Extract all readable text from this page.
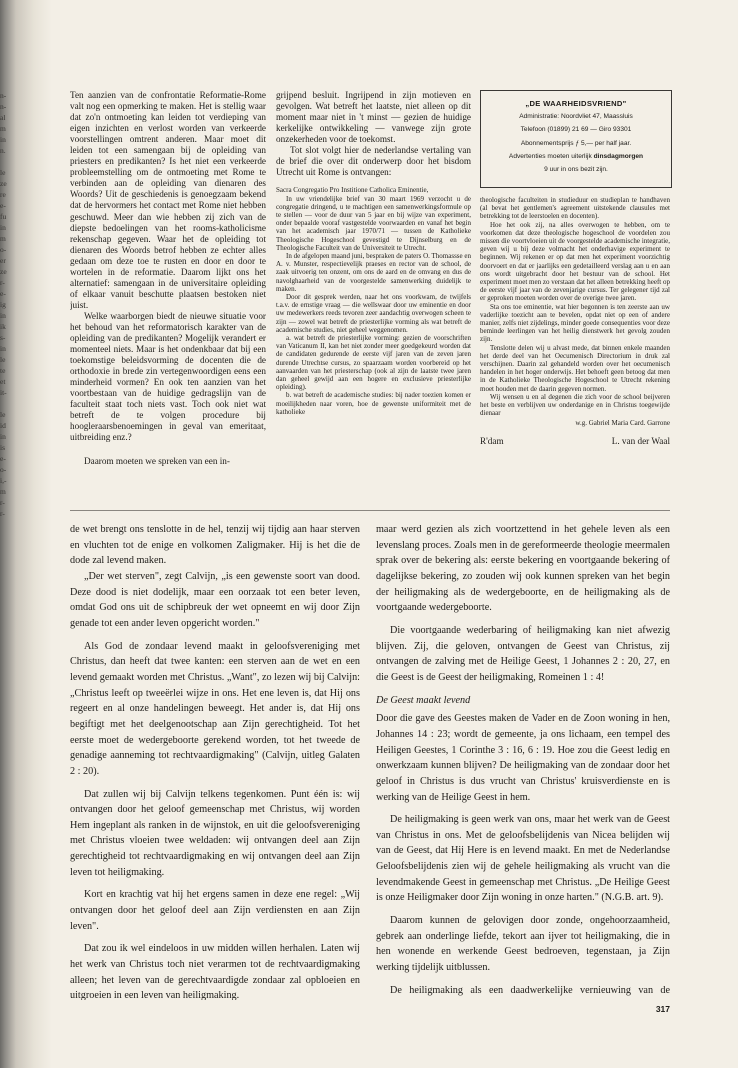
n-
n-
al
m
in
n.
le
ze
re
e-
fu
in
m
o-
er
ze
r-
e-
ig
in
ik
s-
in
le
te
et
it-
le
id
in
is
e-
o-
i,-
m
r-
r-

Ten aanzien van de confrontatie Reformatie-Rome valt nog een opmerking te maken. Het is stellig waar dat zo'n ontmoeting kan leiden tot verdieping van eigen inzichten en verlost worden van verkeerde voorstellingen omtrent anderen. Maar moet dit leiden tot een samengaan bij de opleiding van priesters en predikanten? Is het niet een verkeerde probleemstelling om de ontmoeting met Rome te verbinden aan de opleiding van dienaren des Woords? Uit de geschiedenis is genoegzaam bekend dat de hervormers het contact met Rome niet hebben geschuwd. Meer dan wie hebben zij zich van de diepste bedoelingen van het rooms-katholicisme rekenschap gegeven. Waar het de opleiding tot dienaren des Woords betrof hebben ze echter alles gedaan om deze toe te rusten en door en door te wortelen in de reformatie. Daarom lijkt ons het alternatief: samengaan in de universitaire opleiding of elkaar vanuit beschutte plaatsen bestoken niet juist.

Welke waarborgen biedt de nieuwe situatie voor het behoud van het reformatorisch karakter van de opleiding van de predikanten? Mogelijk verandert er momenteel niets. Maar is het ondenkbaar dat bij een toekomstige beleidsvorming de docenten die de orthodoxie in brede zin vertegenwoordigen eens een minderheid vormen? En ook ten aanzien van het voortbestaan van de huidige gedragslijn van de faculteit staat toch niets vast. Toch ook niet wat betreft de te volgen procedure bij hoogleraarsbenoemingen in geval van emeritaat, uitbreiding enz.?

Daarom moeten we spreken van een in-

grijpend besluit. Ingrijpend in zijn motieven en gevolgen. Wat betreft het laatste, niet alleen op dit moment maar niet in 't minst — gezien de huidige kerkelijke ontwikkeling — vanwege zijn grote onzekerheden voor de toekomst.

Tot slot volgt hier de nederlandse vertaling van de brief die over dit onderwerp door het bisdom Utrecht uit Rome is ontvangen:

Sacra Congregatio Pro Institione Catholica Eminentie,

In uw vriendelijke brief van 30 maart 1969 verzocht u de congregatie dringend, u te machtigen een samenwerkingsformule op te stellen — voor de duur van 5 jaar en bij wijze van experiment, onder bepaalde vooraf vastgestelde voorwaarden en vanaf het begin van het academisch jaar 1970/71 — tussen de Katholieke Theologische Hogeschool gevestigd te Dijnselburg en de Theologische Faculteit van de Universiteit te Utrecht.

In de afgelopen maand juni, bespraken de paters O. Thomassse en A. v. Munster, respectievelijk praeses en rector van de school, de zaak uitvoerig ten onzent, om ons de aard en de omvang en dus de navolghaarheid van de voorgestelde samenwerking duidelijk te maken.

Door dit gesprek werden, naar het ons voorkwam, de twijfels t.a.v. de ernstige vraag — die wellswaar door uw eminentie en door uw medewerkers reeds tevoren zeer aandachtig overwogen scheen te zijn — zowel wat betreft de priesterlijke vorming als wat betreft de academische studies, niet geheel weggenomen.

a. wat betreft de priesterlijke vorming: gezien de voorschriften van Vaticanum II, kan het niet zonder meer goedgekeurd worden dat de candidaten gedurende de eerste vijf jaren van de zeven jaren durende Utrechtse cursus, zo spaarzaam worden voorbereid op het aanvaarden van het priesterschap (ook al zijn de laatste twee jaren dan geheel gewijd aan een hogere en exclusieve priesterlijke opleiding).

b. wat betreft de academische studies: bij nader toezien komen er moeilijkheden naar voren, hoe de gewenste uniformiteit met de katholieke

„DE WAARHEIDSVRIEND"
Administratie: Noordvliet 47, Maassluis
Telefoon (01899) 21 69 — Giro 93301
Abonnementsprijs ƒ 5,— per half jaar.
Advertenties moeten uiterlijk dinsdagmorgen
9 uur in ons bezit zijn.

theologische faculteiten in studieduur en studieplan te handhaven (al bevat het gentlemen's agreement uitstekende clausules met betrekking tot de leerstoelen en docenten).

Hoe het ook zij, na alles overwogen te hebben, om te voorkomen dat deze theologische hogeschool de voordelen zou missen die voortvloeien uit de voorgestelde academische integratie, geven wij u bij deze volmacht het onderhavige experiment te beginnen. Wij rekenen er op dat men het experiment voorzichtig doorvoert en dat er jaarlijks een gedetailleerd verslag aan u en aan ons wordt uitgebracht door het bestuur van de school. Het experiment moet men zo verstaan dat het alleen betrekking heeft op de eerste vijf jaar van de zevenjarige cursus. Ter gelegener tijd zal er geproken moeten worden over de overige twee jaren.

Sta ons toe eminentie, wat hier begonnen is ten zeerste aan uw vaderlijke toezicht aan te bevelen, opdat niet op een of andere manier, zelfs niet zijdelings, minder goede consequenties voor deze beminde leerlingen van het heilig dienstwerk het gevolg zouden zijn.

Tenslotte delen wij u alvast mede, dat binnen enkele maanden het derde deel van het Oecumenisch Directorium in druk zal verschijnen. Daarin zal gehandeld worden over het oecumenisch handelen in het hoger onderwijs. Het behoeft geen betoog dat men in de Katholieke Theologische Hogeschool te Utrecht rekening moet houden met de daarin gegeven normen.

Wij wensen u en al degenen die zich voor de school beijveren het beste en verblijven uw onderdanige en in Christus toegewijde dienaar

w.g. Gabriel Maria Card. Garrone

R'dam	L. van der Waal

de wet brengt ons tenslotte in de hel, tenzij wij tijdig aan haar sterven en vluchten tot de enige en volkomen Zaligmaker. Hij is het die de dode zal levend maken.

„Der wet sterven", zegt Calvijn, „is een gewenste soort van dood. Deze dood is niet dodelijk, maar een oorzaak tot een beter leven, omdat God ons uit de schipbreuk der wet opneemt en wij door Zijn genade tot een ander leven opgericht worden."

Als God de zondaar levend maakt in geloofsvereniging met Christus, dan heeft dat twee kanten: een sterven aan de wet en een levend gemaakt worden met Christus. „Want", zo lezen wij bij Calvijn: „Christus leeft op tweeërlei wijze in ons. Het ene leven is, dat Hij ons regeert en al onze handelingen beweegt. Het ander is, dat Hij ons begiftigt met het deelgenootschap aan Zijn gerechtigheid. Tot het eerste moet de wedergeboorte gerekend worden, tot het tweede de genadige aanneming tot rechtvaardigmaking" (Calvijn, uitleg Galaten 2 : 20).

Dat zullen wij bij Calvijn telkens tegenkomen. Punt één is: wij ontvangen door het geloof gemeenschap met Christus, wij worden Hem ingeplant als ranken in de wijnstok, en uit die geloofsvereniging met Christus vloeien twee weldaden: wij ontvangen deel aan Zijn gerechtigheid tot rechtvaardigmaking en wij ontvangen deel aan Zijn leven tot heiligmaking.

Kort en krachtig vat hij het ergens samen in deze ene regel: „Wij ontvangen door het geloof deel aan Zijn verdiensten en aan Zijn leven".

Dat zou ik wel eindeloos in uw midden willen herhalen. Laten wij het werk van Christus toch niet verarmen tot de rechtvaardigmaking alleen; het leven van de gerechtvaardigde zondaar zal opbloeien en uitgroeien in een leven van heiligmaking.

maar werd gezien als zich voortzettend in het gehele leven als een levenslang proces. Zoals men in de gereformeerde theologie meermalen sprak over de bekering als: eerste bekering en voortgaande bekering of dagelijkse bekering, zo zouden wij ook kunnen spreken van het begin der heiligmaking als de wedergeboorte, en de heiligmaking als de voortgaande wedergeboorte.

Die voortgaande wederbaring of heiligmaking kan niet afwezig blijven. Zij, die geloven, ontvangen de Geest van Christus, zij ontvangen de zalving met de Heilige Geest, 1 Johannes 2 : 20, 27, en die Geest is de Geest der heiligmaking, Romeinen 1 : 4!

De Geest maakt levend

Door die gave des Geestes maken de Vader en de Zoon woning in hen, Johannes 14 : 23; wordt de gemeente, ja ons lichaam, een tempel des Heiligen Geestes, 1 Corinthe 3 : 16, 6 : 19. Hoe zou die Geest ledig en onwerkzaam kunnen blijven? De heiligmaking van de zondaar door het geloof in Christus is dus vrucht van Christus' kruisverdienste en is werking van de Heilige Geest in hem.

De heiligmaking is geen werk van ons, maar het werk van de Geest van Christus in ons. Met de geloofsbelijdenis van Nicea belijden wij van de Geest, dat Hij Here is en levend maakt. En met de Nederlandse Geloofsbelijdenis zien wij de gehele heiligmaking als vrucht van die levendmakende Geest in gemeenschap met Christus. „De Heilige Geest is onze Heiligmaker door Zijn woning in onze harten." (N.G.B. art. 9).

Daarom kunnen de gelovigen door zonde, ongehoorzaamheid, gebrek aan onderlinge liefde, tekort aan ijver tot heiligmaking, die in hen wonende en werkende Geest bedroeven, tegenstaan, ja Zijn werking tijdelijk uitblussen.

De heiligmaking als een daadwerkelijke vernieuwing van de

317
